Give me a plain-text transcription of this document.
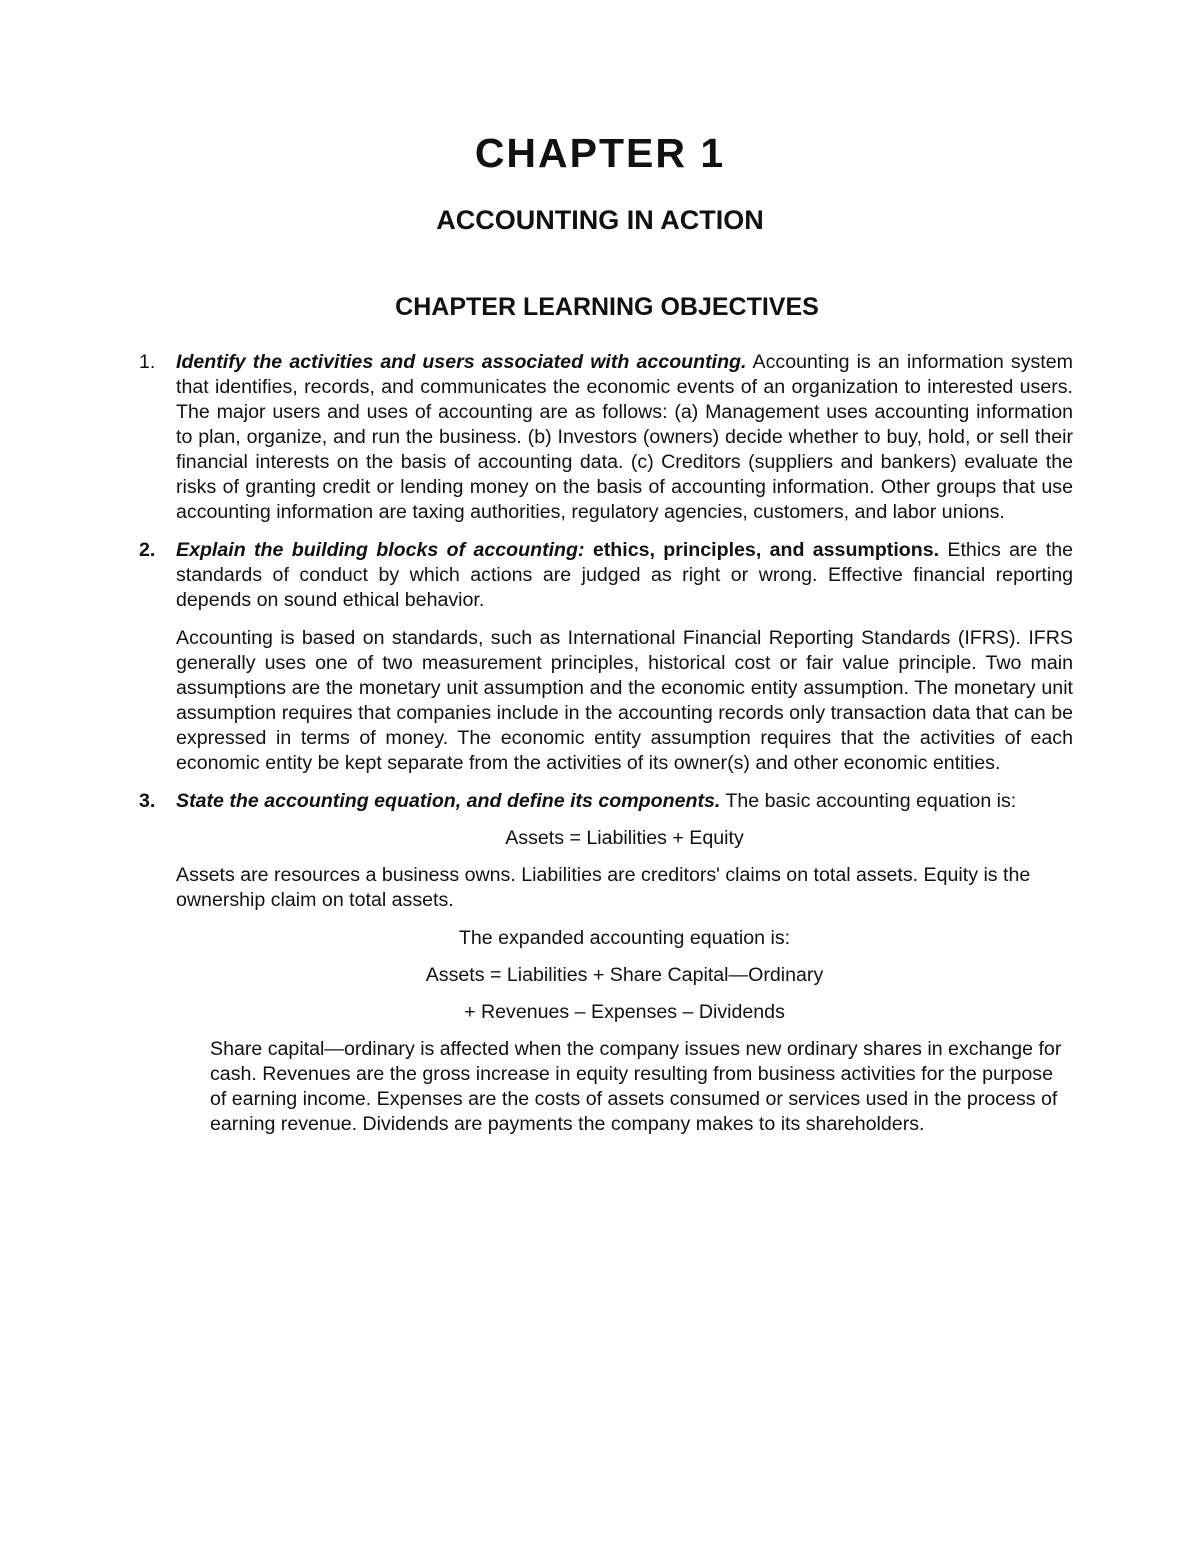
CHAPTER 1
ACCOUNTING IN ACTION
CHAPTER LEARNING OBJECTIVES
1. Identify the activities and users associated with accounting. Accounting is an information system that identifies, records, and communicates the economic events of an organization to interested users. The major users and uses of accounting are as follows: (a) Management uses accounting information to plan, organize, and run the business. (b) Investors (owners) decide whether to buy, hold, or sell their financial interests on the basis of accounting data. (c) Creditors (suppliers and bankers) evaluate the risks of granting credit or lending money on the basis of accounting information. Other groups that use accounting information are taxing authorities, regulatory agencies, customers, and labor unions.

2. Explain the building blocks of accounting: ethics, principles, and assumptions. Ethics are the standards of conduct by which actions are judged as right or wrong. Effective financial reporting depends on sound ethical behavior.

Accounting is based on standards, such as International Financial Reporting Standards (IFRS). IFRS generally uses one of two measurement principles, historical cost or fair value principle. Two main assumptions are the monetary unit assumption and the economic entity assumption. The monetary unit assumption requires that companies include in the accounting records only transaction data that can be expressed in terms of money. The economic entity assumption requires that the activities of each economic entity be kept separate from the activities of its owner(s) and other economic entities.

3. State the accounting equation, and define its components. The basic accounting equation is:

Assets = Liabilities + Equity

Assets are resources a business owns. Liabilities are creditors' claims on total assets. Equity is the ownership claim on total assets.

The expanded accounting equation is:

Assets = Liabilities + Share Capital—Ordinary

+ Revenues – Expenses – Dividends

Share capital—ordinary is affected when the company issues new ordinary shares in exchange for cash. Revenues are the gross increase in equity resulting from business activities for the purpose of earning income. Expenses are the costs of assets consumed or services used in the process of earning revenue. Dividends are payments the company makes to its shareholders.
